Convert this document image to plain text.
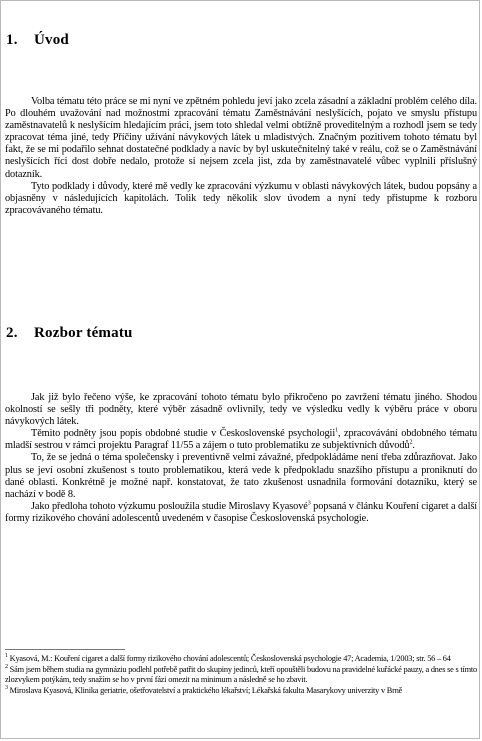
1. Úvod

Volba tématu této práce se mi nyní ve zpětném pohledu jeví jako zcela zásadní a základní problém celého díla. Po dlouhém uvažování nad možnostmi zpracování tématu Zaměstnávání neslyšících, pojato ve smyslu přístupu zaměstnavatelů k neslyšícím hledajícím práci, jsem toto shledal velmi obtížně proveditelným a rozhodl jsem se tedy zpracovat téma jiné, tedy Příčiny užívání návykových látek u mladistvých. Značným pozitivem tohoto tématu byl fakt, že se mi podařilo sehnat dostatečné podklady a navíc by byl uskutečnitelný také v reálu, což se o Zaměstnávání neslyšících říci dost dobře nedalo, protože si nejsem zcela jist, zda by zaměstnavatelé vůbec vyplnili příslušný dotazník.

Tyto podklady i důvody, které mě vedly ke zpracování výzkumu v oblasti návykových látek, budou popsány a objasněny v následujících kapitolách. Tolik tedy několik slov úvodem a nyní tedy přistupme k rozboru zpracovávaného tématu.

2. Rozbor tématu

Jak již bylo řečeno výše, ke zpracování tohoto tématu bylo přikročeno po zavržení tématu jiného. Shodou okolností se sešly tři podněty, které výběr zásadně ovlivnily, tedy ve výsledku vedly k výběru práce v oboru návykových látek.

Těmito podněty jsou popis obdobné studie v Československé psychologii$^1$, zpracovávání obdobného tématu mladší sestrou v rámci projektu Paragraf 11/55 a zájem o tuto problematiku ze subjektivních důvodů$^2$.

To, že se jedná o téma společensky i preventivně velmi závažné, předpokládáme není třeba zdůrazňovat. Jako plus se jeví osobní zkušenost s touto problematikou, která vede k předpokladu snazšího přístupu a proniknutí do dané oblasti. Konkrétně je možné např. konstatovat, že tato zkušenost usnadnila formování dotazníku, který se nachází v bodě 8.

Jako předloha tohoto výzkumu posloužila studie Miroslavy Kyasové$^3$ popsaná v článku Kouření cigaret a další formy rizikového chování adolescentů uvedeném v časopise Československá psychologie.

$^1$ Kyasová, M.: Kouření cigaret a další formy rizikového chování adolescentů; Československá psychologie 47; Academia, 1/2003; str. 56 – 64
$^2$ Sám jsem během studia na gymnáziu podlehl potřebě patřit do skupiny jedinců, kteří opouštěli budovu na pravidelné kuřácké pauzy, a dnes se s tímto zlozvykem potýkám, tedy snažím se ho v první fázi omezit na minimum a následně se ho zbavit.
$^3$ Miroslava Kyasová, Klinika geriatrie, ošetřovatelství a praktického lékařství; Lékařská fakulta Masarykovy univerzity v Brně
